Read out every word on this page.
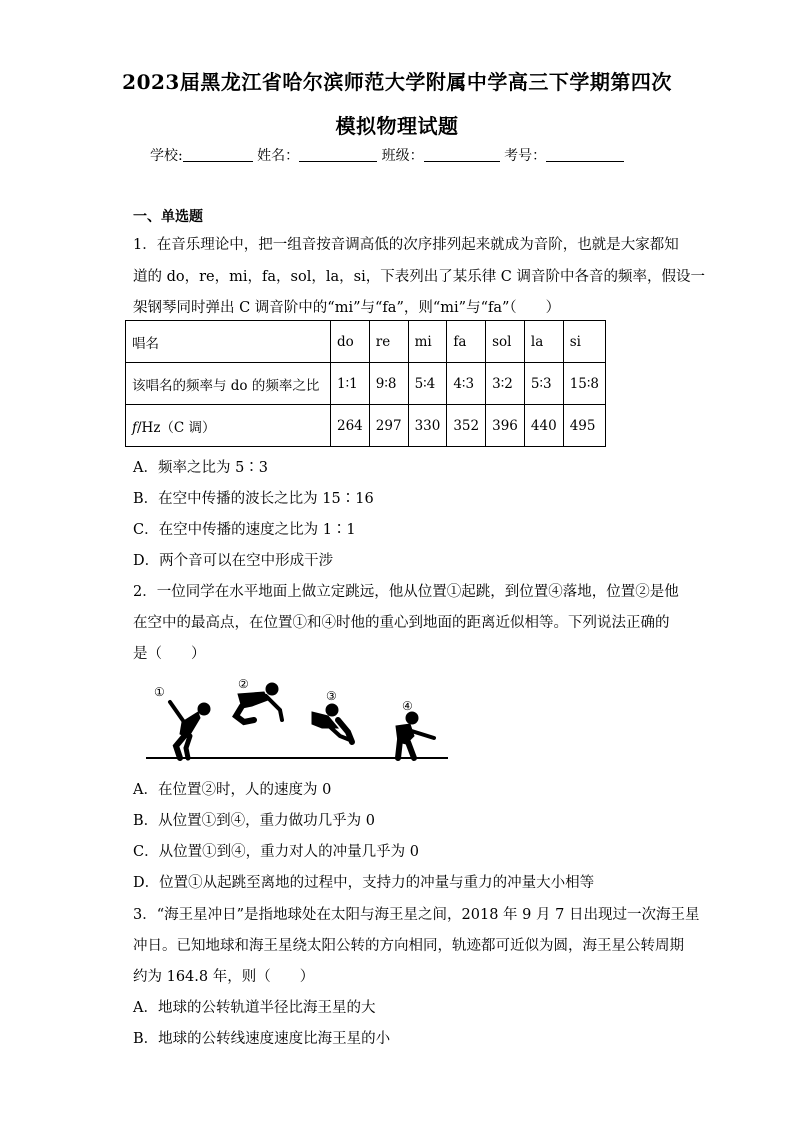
2023届黑龙江省哈尔滨师范大学附属中学高三下学期第四次
模拟物理试题
学校:	姓名：	班级：	考号：
一、单选题
1．在音乐理论中，把一组音按音调高低的次序排列起来就成为音阶，也就是大家都知
道的 do，re，mi，fa，sol，la，si，下表列出了某乐律 C 调音阶中各音的频率，假设一
架钢琴同时弹出 C 调音阶中的“mi”与“fa”，则“mi”与“fa”（　　）
唱名	do	re	mi	fa	sol	la	si
该唱名的频率与 do 的频率之比	1∶1	9∶8	5∶4	4∶3	3∶2	5∶3	15∶8
f/Hz（C 调）	264	297	330	352	396	440	495
A．频率之比为 5∶3
B．在空中传播的波长之比为 15∶16
C．在空中传播的速度之比为 1∶1
D．两个音可以在空中形成干涉
2．一位同学在水平地面上做立定跳远，他从位置①起跳，到位置④落地，位置②是他
在空中的最高点，在位置①和④时他的重心到地面的距离近似相等。下列说法正确的
是（　　）
①
②
③
④
A．在位置②时，人的速度为 0
B．从位置①到④，重力做功几乎为 0
C．从位置①到④，重力对人的冲量几乎为 0
D．位置①从起跳至离地的过程中，支持力的冲量与重力的冲量大小相等
3．“海王星冲日”是指地球处在太阳与海王星之间，2018 年 9 月 7 日出现过一次海王星
冲日。已知地球和海王星绕太阳公转的方向相同，轨迹都可近似为圆，海王星公转周期
约为 164.8 年，则（　　）
A．地球的公转轨道半径比海王星的大
B．地球的公转线速度速度比海王星的小
